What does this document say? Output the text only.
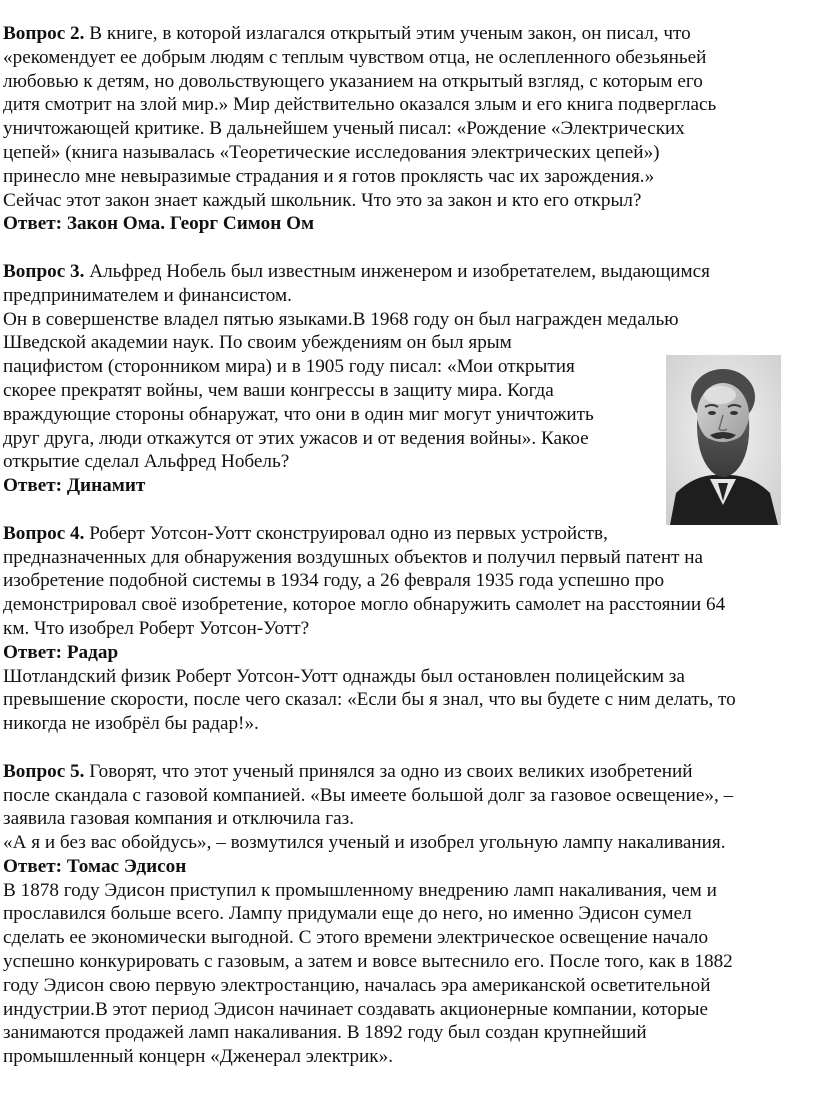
Вопрос 2. В книге, в которой излагался открытый этим ученым закон, он писал, что
«рекомендует ее добрым людям с теплым чувством отца, не ослепленного обезьяньей
любовью к детям, но довольствующего указанием на открытый взгляд, с которым его
дитя смотрит на злой мир.» Мир действительно оказался злым и его книга подверглась
уничтожающей критике. В дальнейшем ученый писал: «Рождение «Электрических
цепей» (книга называлась «Теоретические исследования электрических цепей»)
принесло мне невыразимые страдания и я готов проклясть час их зарождения.»
Сейчас этот закон знает каждый школьник. Что это за закон и кто его открыл?
Ответ: Закон Ома. Георг Симон Ом
Вопрос 3. Альфред Нобель был известным инженером и изобретателем, выдающимся
предпринимателем и финансистом.
Он в совершенстве владел пятью языками.В 1968 году он был награжден медалью
Шведской академии наук. По своим убеждениям он был ярым
пацифистом (сторонником мира) и в 1905 году писал: «Мои открытия
скорее прекратят войны, чем ваши конгрессы в защиту мира. Когда
враждующие стороны обнаружат, что они в один миг могут уничтожить
друг друга, люди откажутся от этих ужасов и от ведения войны». Какое
открытие сделал Альфред Нобель?
Ответ: Динамит
Вопрос 4. Роберт Уотсон-Уотт сконструировал одно из первых устройств,
предназначенных для обнаружения воздушных объектов и получил первый патент на
изобретение подобной системы в 1934 году, а 26 февраля 1935 года успешно про
демонстрировал своё изобретение, которое могло обнаружить самолет на расстоянии 64
км. Что изобрел Роберт Уотсон-Уотт?
Ответ: Радар
Шотландский физик Роберт Уотсон-Уотт однажды был остановлен полицейским за
превышение скорости, после чего сказал: «Если бы я знал, что вы будете с ним делать, то
никогда не изобрёл бы радар!».
Вопрос 5. Говорят, что этот ученый принялся за одно из своих великих изобретений
после скандала с газовой компанией. «Вы имеете большой долг за газовое освещение», –
заявила газовая компания и отключила газ.
«А я и без вас обойдусь», – возмутился ученый и изобрел угольную лампу накаливания.
Ответ: Томас Эдисон
В 1878 году Эдисон приступил к промышленному внедрению ламп накаливания, чем и
прославился больше всего. Лампу придумали еще до него, но именно Эдисон сумел
сделать ее экономически выгодной. С этого времени электрическое освещение начало
успешно конкурировать с газовым, а затем и вовсе вытеснило его. После того, как в 1882
году Эдисон свою первую электростанцию, началась эра американской осветительной
индустрии.В этот период Эдисон начинает создавать акционерные компании, которые
занимаются продажей ламп накаливания. В 1892 году был создан крупнейший
промышленный концерн «Дженерал электрик».
